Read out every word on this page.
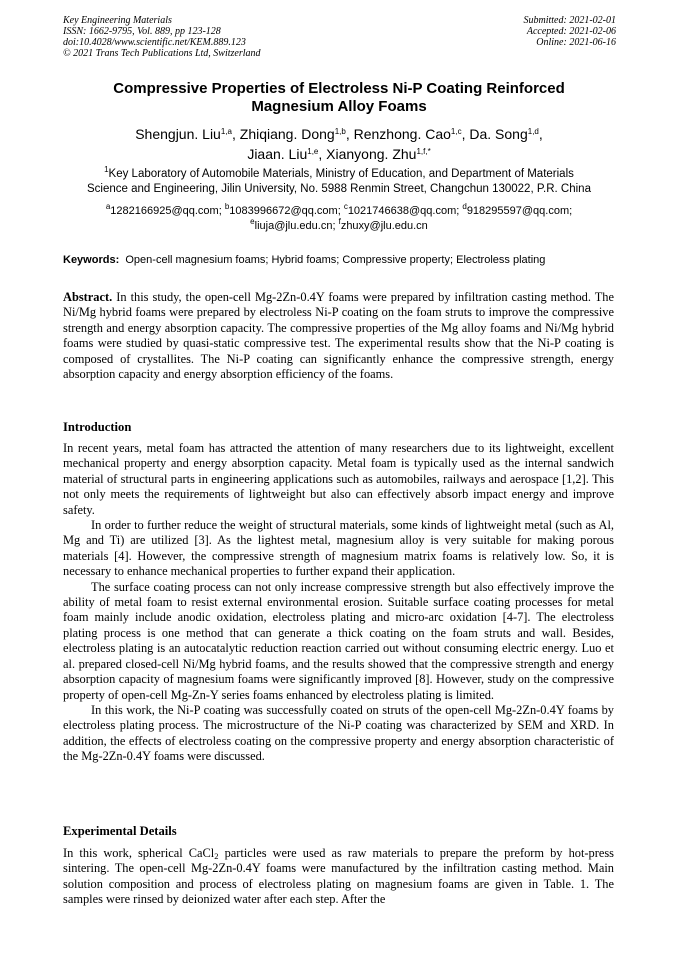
Key Engineering Materials
ISSN: 1662-9795, Vol. 889, pp 123-128
doi:10.4028/www.scientific.net/KEM.889.123
© 2021 Trans Tech Publications Ltd, Switzerland
Submitted: 2021-02-01
Accepted: 2021-02-06
Online: 2021-06-16
Compressive Properties of Electroless Ni-P Coating Reinforced
Magnesium Alloy Foams
Shengjun. Liu$^{1,a}$, Zhiqiang. Dong$^{1,b}$, Renzhong. Cao$^{1,c}$, Da. Song$^{1,d}$,
Jiaan. Liu$^{1,e}$, Xianyong. Zhu$^{1,f,*}$
$^1$Key Laboratory of Automobile Materials, Ministry of Education, and Department of Materials
Science and Engineering, Jilin University, No. 5988 Renmin Street, Changchun 130022, P.R. China
$^a$1282166925@qq.com; $^b$1083996672@qq.com; $^c$1021746638@qq.com; $^d$918295597@qq.com;
$^e$liuja@jlu.edu.cn; $^f$zhuxy@jlu.edu.cn
Keywords: Open-cell magnesium foams; Hybrid foams; Compressive property; Electroless plating

Abstract. In this study, the open-cell Mg-2Zn-0.4Y foams were prepared by infiltration casting method. The Ni/Mg hybrid foams were prepared by electroless Ni-P coating on the foam struts to improve the compressive strength and energy absorption capacity. The compressive properties of the Mg alloy foams and Ni/Mg hybrid foams were studied by quasi-static compressive test. The experimental results show that the Ni-P coating is composed of crystallites. The Ni-P coating can significantly enhance the compressive strength, energy absorption capacity and energy absorption efficiency of the foams.

Introduction

In recent years, metal foam has attracted the attention of many researchers due to its lightweight, excellent mechanical property and energy absorption capacity. Metal foam is typically used as the internal sandwich material of structural parts in engineering applications such as automobiles, railways and aerospace [1,2]. This not only meets the requirements of lightweight but also can effectively absorb impact energy and improve safety.

In order to further reduce the weight of structural materials, some kinds of lightweight metal (such as Al, Mg and Ti) are utilized [3]. As the lightest metal, magnesium alloy is very suitable for making porous materials [4]. However, the compressive strength of magnesium matrix foams is relatively low. So, it is necessary to enhance mechanical properties to further expand their application.

The surface coating process can not only increase compressive strength but also effectively improve the ability of metal foam to resist external environmental erosion. Suitable surface coating processes for metal foam mainly include anodic oxidation, electroless plating and micro-arc oxidation [4-7]. The electroless plating process is one method that can generate a thick coating on the foam struts and wall. Besides, electroless plating is an autocatalytic reduction reaction carried out without consuming electric energy. Luo et al. prepared closed-cell Ni/Mg hybrid foams, and the results showed that the compressive strength and energy absorption capacity of magnesium foams were significantly improved [8]. However, study on the compressive property of open-cell Mg-Zn-Y series foams enhanced by electroless plating is limited.

In this work, the Ni-P coating was successfully coated on struts of the open-cell Mg-2Zn-0.4Y foams by electroless plating process. The microstructure of the Ni-P coating was characterized by SEM and XRD. In addition, the effects of electroless coating on the compressive property and energy absorption characteristic of the Mg-2Zn-0.4Y foams were discussed.

Experimental Details

In this work, spherical CaCl$_2$ particles were used as raw materials to prepare the preform by hot-press sintering. The open-cell Mg-2Zn-0.4Y foams were manufactured by the infiltration casting method. Main solution composition and process of electroless plating on magnesium foams are given in Table. 1. The samples were rinsed by deionized water after each step. After the
